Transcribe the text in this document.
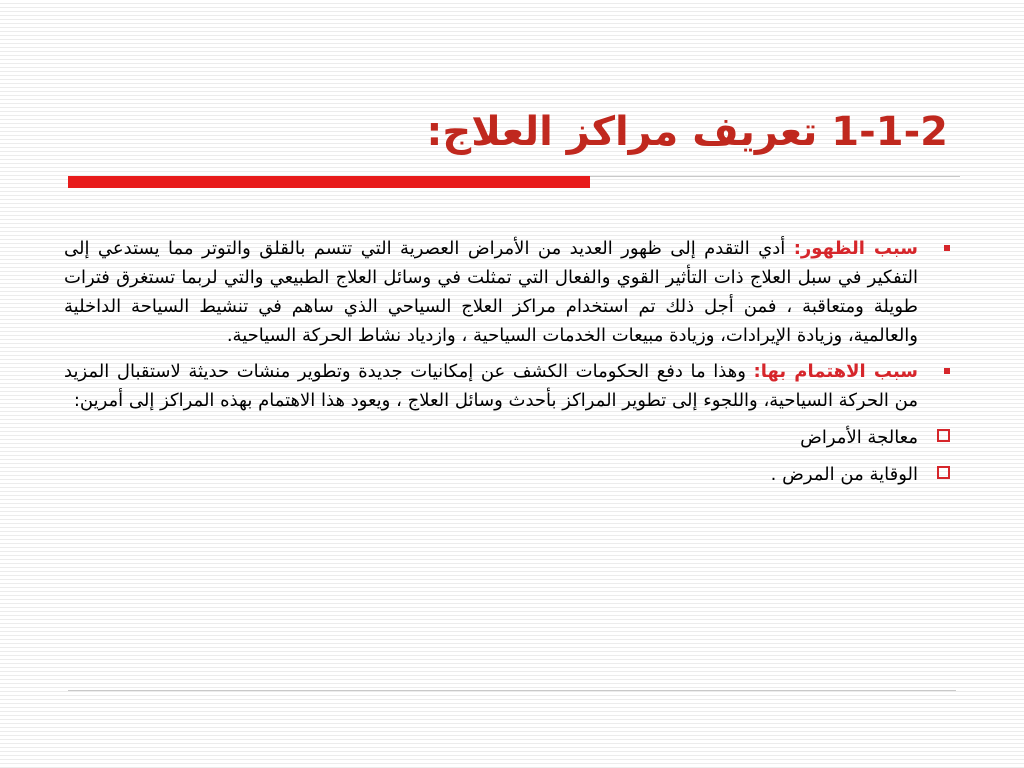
1-1-2 تعريف مراكز العلاج:
سبب الظهور: أدي التقدم إلى ظهور العديد من الأمراض العصرية التي تتسم بالقلق والتوتر مما يستدعي إلى التفكير في سبل العلاج ذات التأثير القوي والفعال التي تمثلت في وسائل العلاج الطبيعي والتي لربما تستغرق فترات طويلة ومتعاقبة ، فمن أجل ذلك تم استخدام مراكز العلاج السياحي الذي ساهم في تنشيط السياحة الداخلية والعالمية، وزيادة الإيرادات، وزيادة مبيعات الخدمات السياحية ، وازدياد نشاط الحركة السياحية.
سبب الاهتمام بها: وهذا ما دفع الحكومات الكشف عن إمكانيات جديدة وتطوير منشات حديثة لاستقبال المزيد من الحركة السياحية، واللجوء إلى تطوير المراكز بأحدث وسائل العلاج ، ويعود هذا الاهتمام بهذه المراكز إلى أمرين:
معالجة الأمراض
الوقاية من المرض .
